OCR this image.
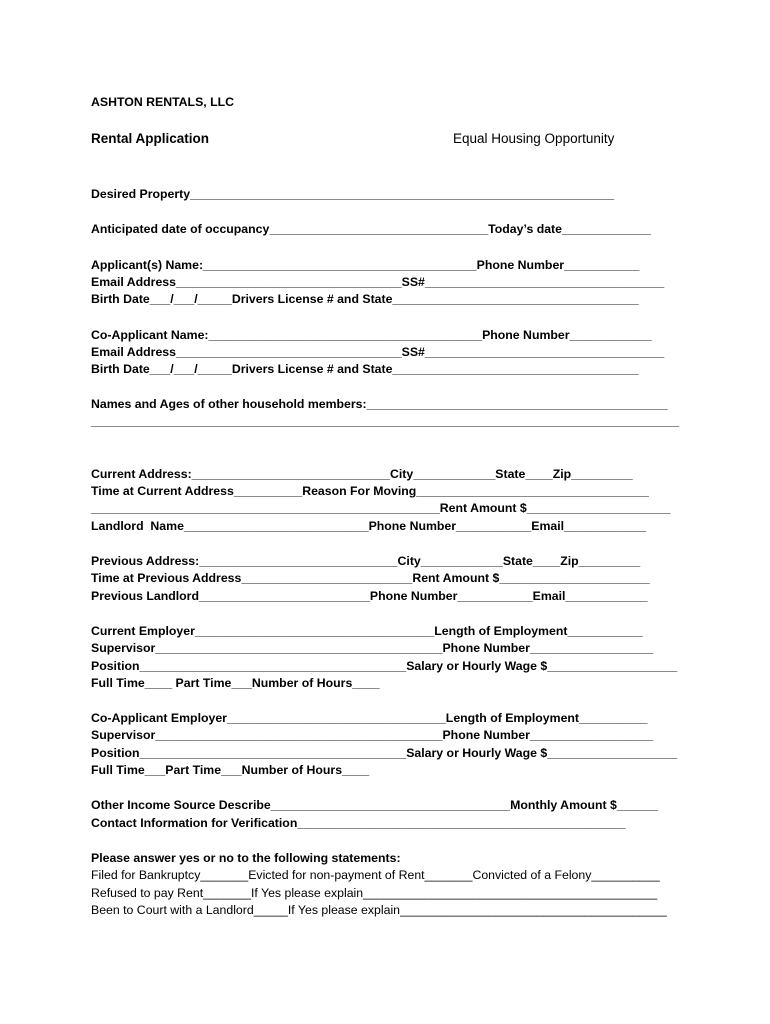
ASHTON RENTALS, LLC
Rental Application	Equal Housing Opportunity
Desired Property______________________________________________________________
Anticipated date of occupancy________________________________Today’s date_____________
Applicant(s) Name:________________________________________Phone Number___________
Email Address_________________________________SS#___________________________________
Birth Date___/___/_____Drivers License # and State____________________________________
Co-Applicant Name:________________________________________Phone Number____________
Email Address_________________________________SS#___________________________________
Birth Date___/___/_____Drivers License # and State____________________________________
Names and Ages of other household members:____________________________________________
______________________________________________________________________________________
Current Address:_____________________________City____________State____Zip_________
Time at Current Address__________Reason For Moving__________________________________
___________________________________________________Rent Amount $_____________________
Landlord  Name___________________________Phone Number___________Email____________
Previous Address:_____________________________City____________State____Zip_________
Time at Previous Address_________________________Rent Amount $______________________
Previous Landlord_________________________Phone Number___________Email____________
Current Employer___________________________________Length of Employment___________
Supervisor__________________________________________Phone Number__________________
Position_______________________________________Salary or Hourly Wage $___________________
Full Time____ Part Time___Number of Hours____
Co-Applicant Employer________________________________Length of Employment__________
Supervisor__________________________________________Phone Number__________________
Position_______________________________________Salary or Hourly Wage $___________________
Full Time___Part Time___Number of Hours____
Other Income Source Describe___________________________________Monthly Amount $______
Contact Information for Verification________________________________________________
Please answer yes or no to the following statements:
Filed for Bankruptcy_______Evicted for non-payment of Rent_______Convicted of a Felony__________
Refused to pay Rent_______If Yes please explain___________________________________________
Been to Court with a Landlord_____If Yes please explain_______________________________________
